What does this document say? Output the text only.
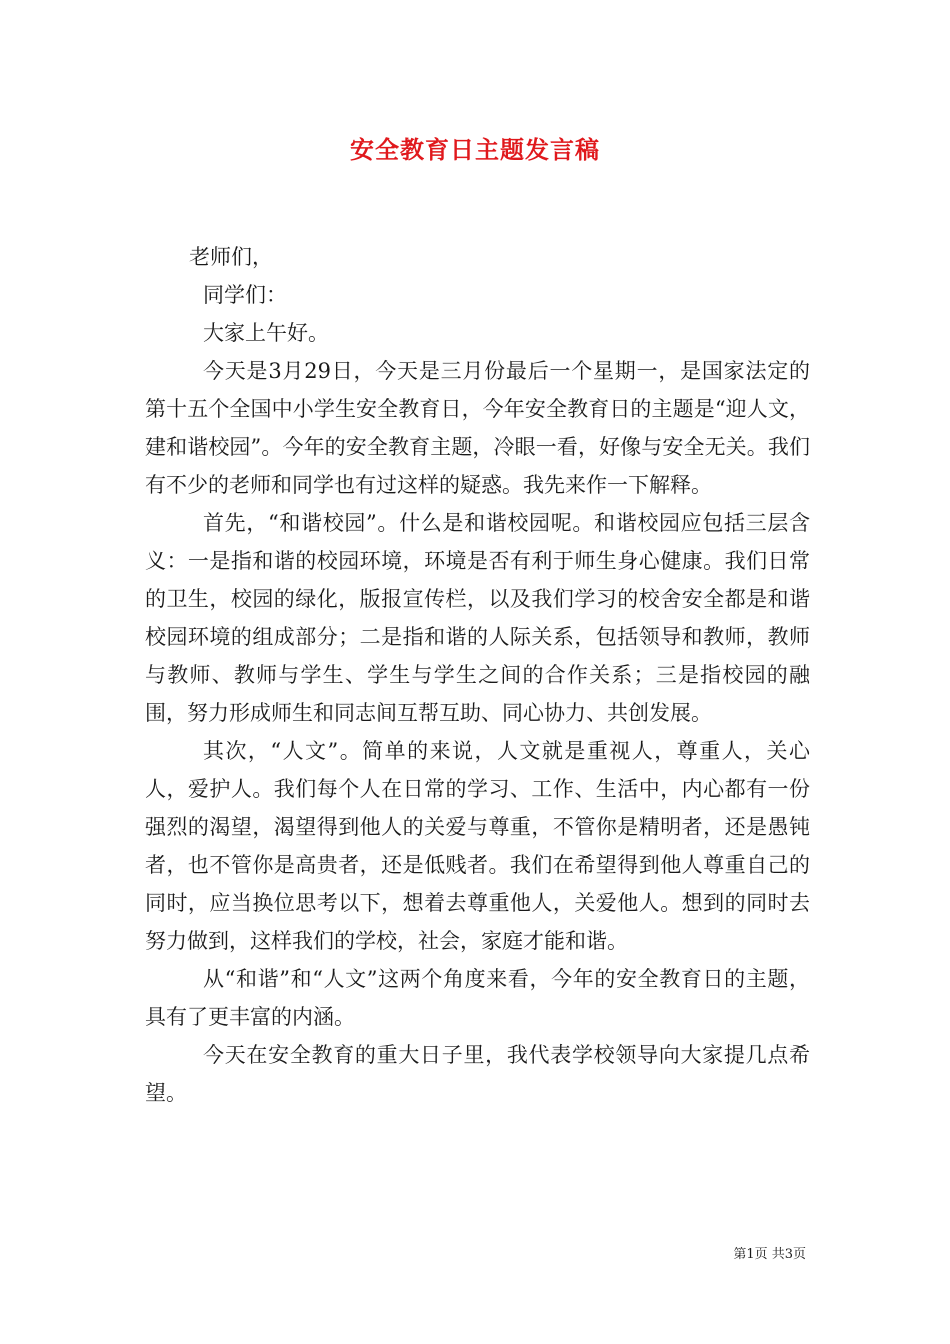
安全教育日主题发言稿

老师们，

同学们：

大家上午好。

今天是3月29日，今天是三月份最后一个星期一，是国家法定的第十五个全国中小学生安全教育日，今年安全教育日的主题是“迎人文，建和谐校园”。今年的安全教育主题，冷眼一看，好像与安全无关。我们有不少的老师和同学也有过这样的疑惑。我先来作一下解释。

首先，“和谐校园”。什么是和谐校园呢。和谐校园应包括三层含义：一是指和谐的校园环境，环境是否有利于师生身心健康。我们日常的卫生，校园的绿化，版报宣传栏，以及我们学习的校舍安全都是和谐校园环境的组成部分；二是指和谐的人际关系，包括领导和教师，教师与教师、教师与学生、学生与学生之间的合作关系；三是指校园的融围，努力形成师生和同志间互帮互助、同心协力、共创发展。

其次，“人文”。简单的来说，人文就是重视人，尊重人，关心人，爱护人。我们每个人在日常的学习、工作、生活中，内心都有一份强烈的渴望，渴望得到他人的关爱与尊重，不管你是精明者，还是愚钝者，也不管你是高贵者，还是低贱者。我们在希望得到他人尊重自己的同时，应当换位思考以下，想着去尊重他人，关爱他人。想到的同时去努力做到，这样我们的学校，社会，家庭才能和谐。

从“和谐”和“人文”这两个角度来看，今年的安全教育日的主题，具有了更丰富的内涵。

今天在安全教育的重大日子里，我代表学校领导向大家提几点希望。

第1页 共3页
